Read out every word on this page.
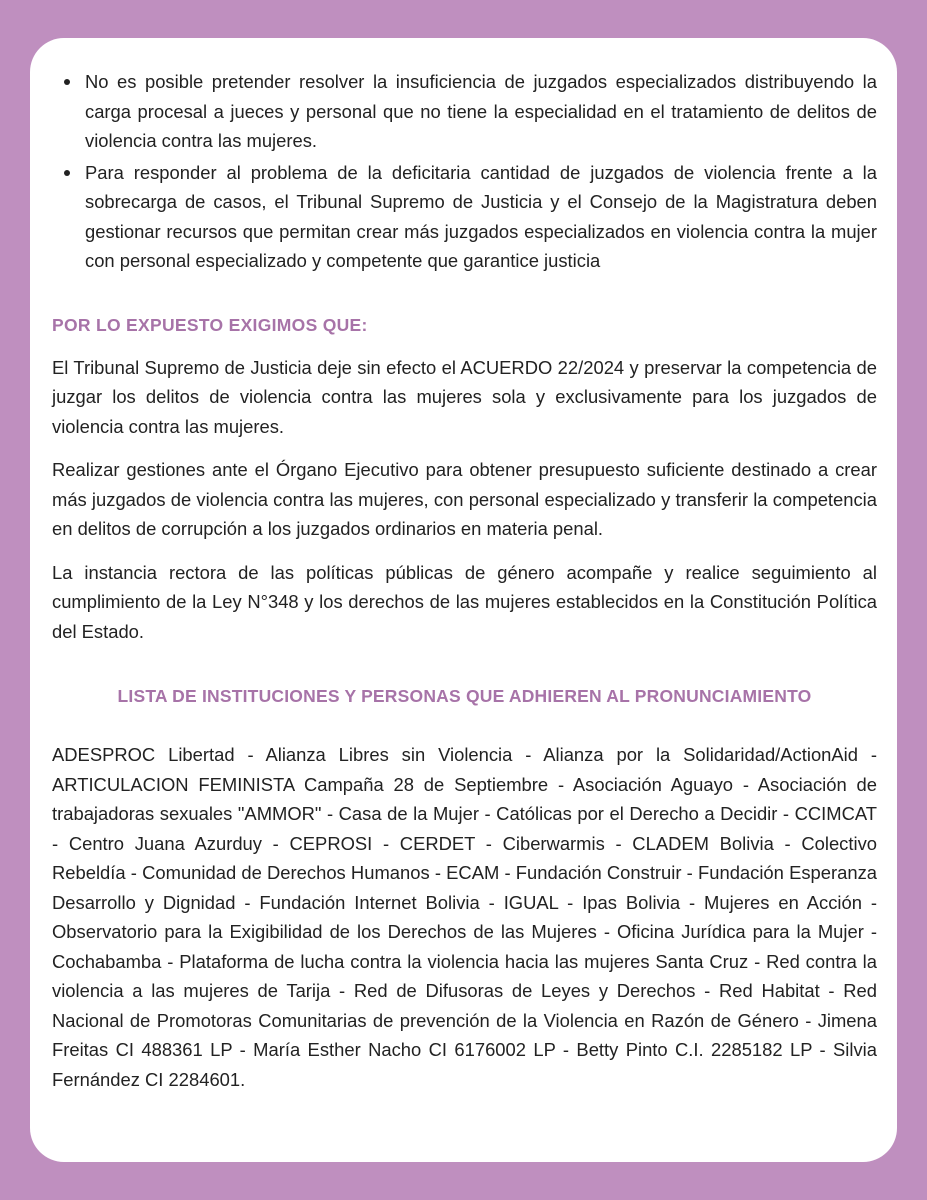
No es posible pretender resolver la insuficiencia de juzgados especializados distribuyendo la carga procesal a jueces y personal que no tiene la especialidad en el tratamiento de delitos de violencia contra las mujeres.
Para responder al problema de la deficitaria cantidad de juzgados de violencia frente a la sobrecarga de casos, el Tribunal Supremo de Justicia y el Consejo de la Magistratura deben gestionar recursos que permitan crear más juzgados especializados en violencia contra la mujer con personal especializado y competente que garantice justicia
POR LO EXPUESTO EXIGIMOS QUE:

El Tribunal Supremo de Justicia deje sin efecto el ACUERDO 22/2024 y preservar la competencia de juzgar los delitos de violencia contra las mujeres sola y exclusivamente para los juzgados de violencia contra las mujeres.

Realizar gestiones ante el Órgano Ejecutivo para obtener presupuesto suficiente destinado a crear más juzgados de violencia contra las mujeres, con personal especializado y transferir la competencia en delitos de corrupción a los juzgados ordinarios en materia penal.

La instancia rectora de las políticas públicas de género acompañe y realice seguimiento al cumplimiento de la Ley N°348 y los derechos de las mujeres establecidos en la Constitución Política del Estado.

LISTA DE INSTITUCIONES Y PERSONAS QUE ADHIEREN AL PRONUNCIAMIENTO

ADESPROC Libertad - Alianza Libres sin Violencia - Alianza por la Solidaridad/ActionAid - ARTICULACION FEMINISTA Campaña 28 de Septiembre - Asociación Aguayo - Asociación de trabajadoras sexuales "AMMOR" - Casa de la Mujer - Católicas por el Derecho a Decidir - CCIMCAT - Centro Juana Azurduy - CEPROSI - CERDET - Ciberwarmis - CLADEM Bolivia - Colectivo Rebeldía - Comunidad de Derechos Humanos - ECAM - Fundación Construir - Fundación Esperanza Desarrollo y Dignidad - Fundación Internet Bolivia - IGUAL - Ipas Bolivia - Mujeres en Acción - Observatorio para la Exigibilidad de los Derechos de las Mujeres - Oficina Jurídica para la Mujer - Cochabamba - Plataforma de lucha contra la violencia hacia las mujeres Santa Cruz - Red contra la violencia a las mujeres de Tarija - Red de Difusoras de Leyes y Derechos - Red Habitat - Red Nacional de Promotoras Comunitarias de prevención de la Violencia en Razón de Género - Jimena Freitas CI 488361 LP - María Esther Nacho CI 6176002 LP - Betty Pinto C.I. 2285182 LP - Silvia Fernández CI 2284601.
